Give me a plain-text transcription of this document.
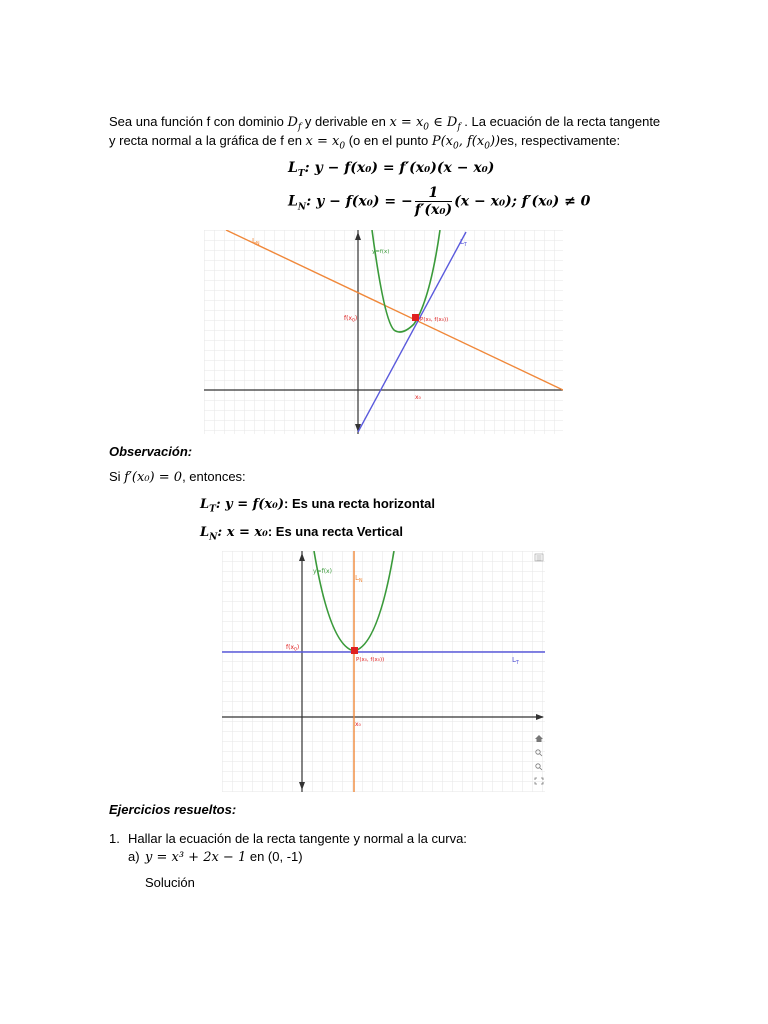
Sea una función f con dominio $D_f$ y derivable en $x = x_0$ ∈ $D_f$ . La ecuación de la recta tangente
y recta normal a la gráfica de f en $x = x_0$ (o en el punto $P(x_0$, $f(x_0))es$, respectivamente:
$L_T$: y − f(x₀) = f′(x₀)(x − x₀)
$L_N$: y − f(x₀) = − $\frac{1}{\text{f′(x₀)}} (x - x_0)$; f′(x₀) ≠ 0
$L_N$	$L_T$
y=f(x)
$f(x_0)$	P(x₀, f(x₀))
x₀
Observación:
Si f′(x₀) = 0, entonces:
$L_T$: y = f(x₀): Es una recta horizontal
$L_N$: x = x₀: Es una recta Vertical
y=f(x)
$L_N$
$f(x_0)$
P(x₀, f(x₀))	$L_T$
x₀
Ejercicios resueltos:
1. Hallar la ecuación de la recta tangente y normal a la curva:
a) y = x³ + 2x − 1 en (0, -1)
Solución
